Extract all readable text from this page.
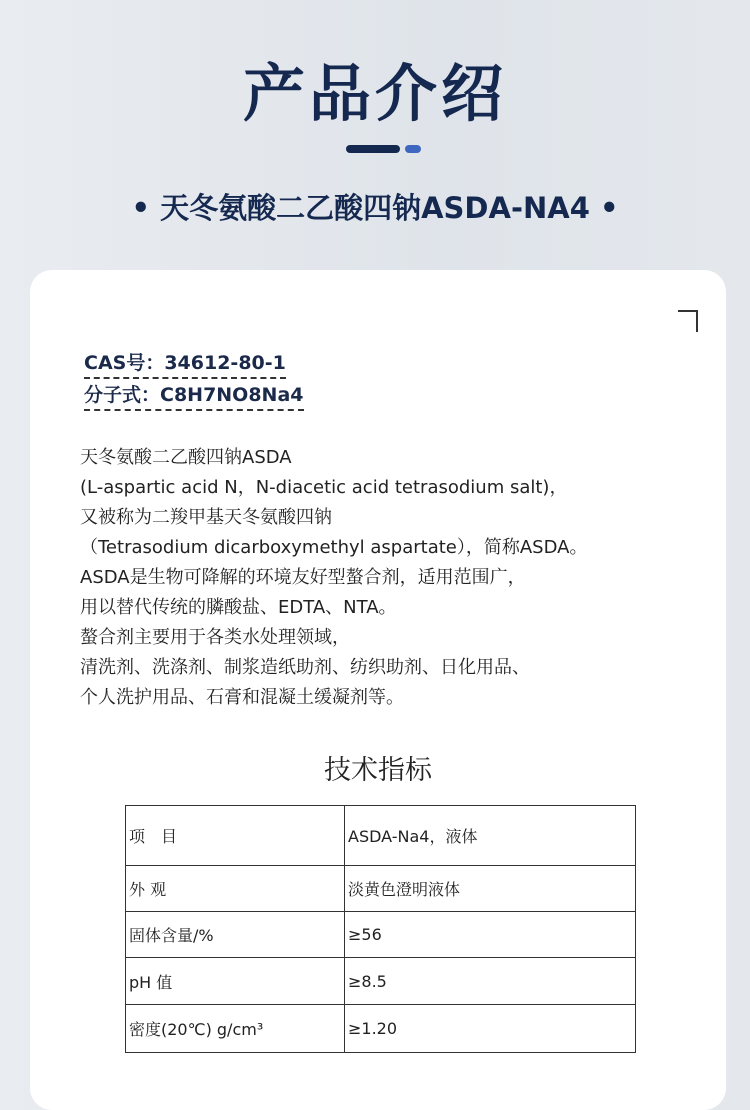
产品介绍
• 天冬氨酸二乙酸四钠ASDA-NA4 •
CAS号：34612-80-1
分子式：C8H7NO8Na4
天冬氨酸二乙酸四钠ASDA
(L-aspartic acid N，N-diacetic acid tetrasodium salt)，
又被称为二羧甲基天冬氨酸四钠
（Tetrasodium dicarboxymethyl aspartate），简称ASDA。
ASDA是生物可降解的环境友好型螯合剂，适用范围广，
用以替代传统的膦酸盐、EDTA、NTA。
螯合剂主要用于各类水处理领域，
清洗剂、洗涤剂、制浆造纸助剂、纺织助剂、日化用品、
个人洗护用品、石膏和混凝土缓凝剂等。
技术指标
项　目	ASDA-Na4，液体
外 观	淡黄色澄明液体
固体含量/%	≥56
pH 值	≥8.5
密度(20℃) g/cm³	≥1.20
